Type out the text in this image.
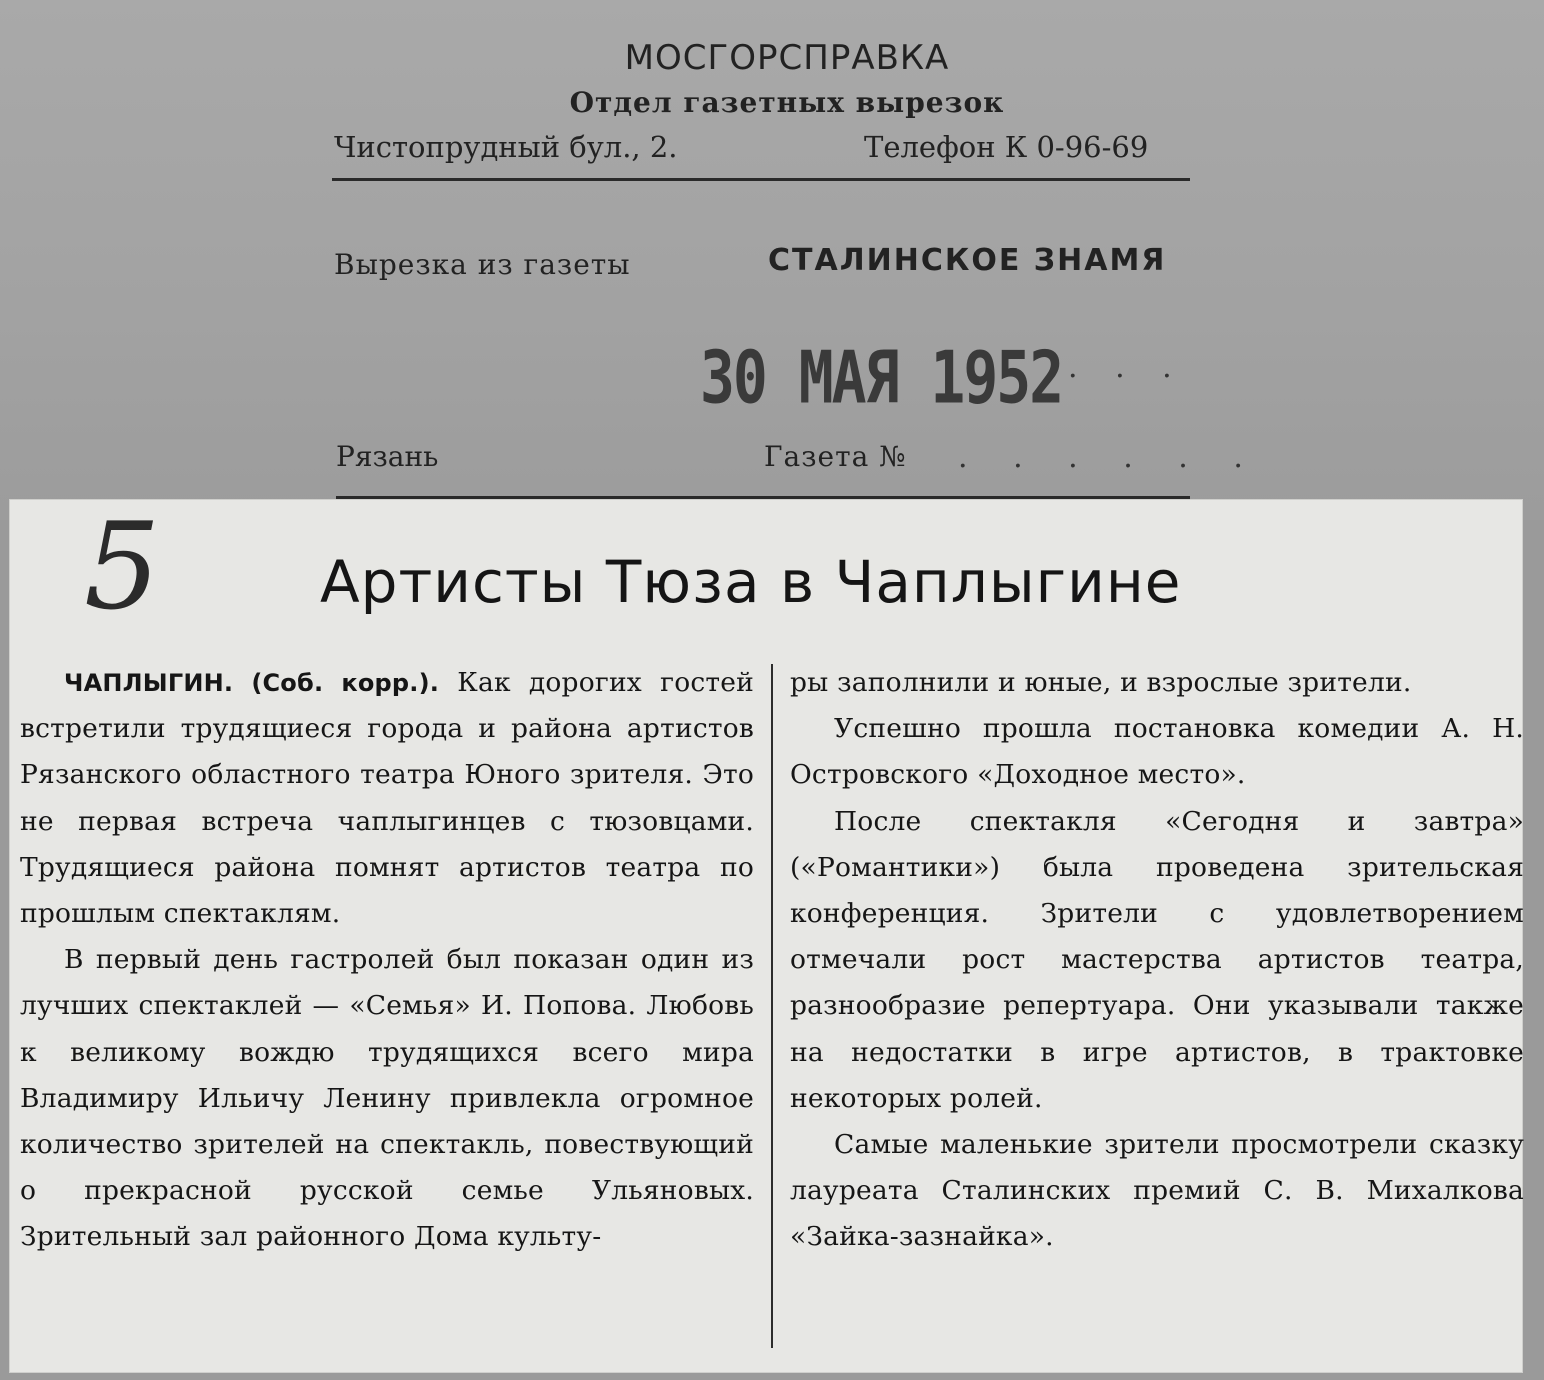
МОСГОРСПРАВКА
Отдел газетных вырезок
Чистопрудный бул., 2.	Телефон К 0-96-69
Вырезка из газеты	СТАЛИНСКОЕ ЗНАМЯ
30 МАЯ 1952 . . .
Рязань	Газета № . . . . . .
5	Артисты Тюза в Чаплыгине

ЧАПЛЫГИН. (Соб. корр.). Как дорогих гостей встретили трудящиеся города и района артистов Рязанского областного театра Юного зрителя. Это не первая встреча чаплыгинцев с тюзовцами. Трудящиеся района помнят артистов театра по прошлым спектаклям.

В первый день гастролей был показан один из лучших спектаклей — «Семья» И. Попова. Любовь к великому вождю трудящихся всего мира Владимиру Ильичу Ленину привлекла огромное количество зрителей на спектакль, повествующий о прекрасной русской семье Ульяновых. Зрительный зал районного Дома культу-

ры заполнили и юные, и взрослые зрители.

Успешно прошла постановка комедии А. Н. Островского «Доходное место».

После спектакля «Сегодня и завтра» («Романтики») была проведена зрительская конференция. Зрители с удовлетворением отмечали рост мастерства артистов театра, разнообразие репертуара. Они указывали также на недостатки в игре артистов, в трактовке некоторых ролей.

Самые маленькие зрители просмотрели сказку лауреата Сталинских премий С. В. Михалкова «Зайка-зазнайка».
